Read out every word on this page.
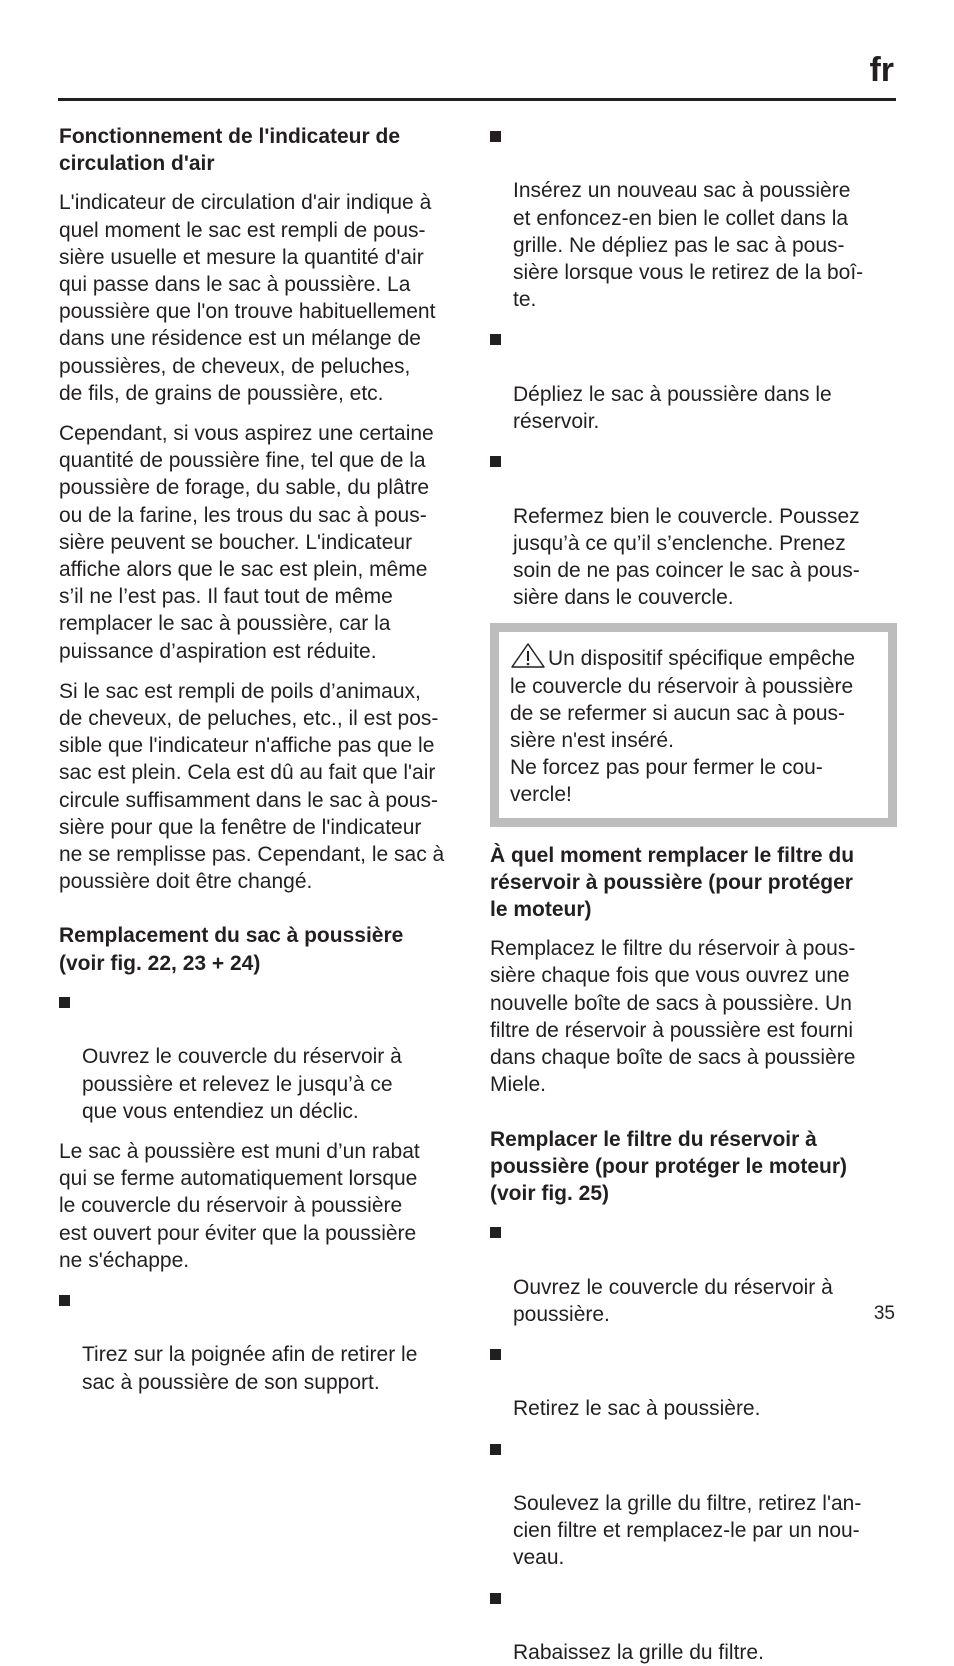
fr
Fonctionnement de l'indicateur de
circulation d'air

L'indicateur de circulation d'air indique à
quel moment le sac est rempli de pous-
sière usuelle et mesure la quantité d'air
qui passe dans le sac à poussière. La
poussière que l'on trouve habituellement
dans une résidence est un mélange de
poussières, de cheveux, de peluches,
de fils, de grains de poussière, etc.

Cependant, si vous aspirez une certaine
quantité de poussière fine, tel que de la
poussière de forage, du sable, du plâtre
ou de la farine, les trous du sac à pous-
sière peuvent se boucher. L'indicateur
affiche alors que le sac est plein, même
s’il ne l’est pas. Il faut tout de même
remplacer le sac à poussière, car la
puissance d’aspiration est réduite.

Si le sac est rempli de poils d’animaux,
de cheveux, de peluches, etc., il est pos-
sible que l'indicateur n'affiche pas que le
sac est plein. Cela est dû au fait que l'air
circule suffisamment dans le sac à pous-
sière pour que la fenêtre de l'indicateur
ne se remplisse pas. Cependant, le sac à
poussière doit être changé.

Remplacement du sac à poussière
(voir fig. 22, 23 + 24)

Ouvrez le couvercle du réservoir à
poussière et relevez le jusqu’à ce
que vous entendiez un déclic.

Le sac à poussière est muni d’un rabat
qui se ferme automatiquement lorsque
le couvercle du réservoir à poussière
est ouvert pour éviter que la poussière
ne s'échappe.

Tirez sur la poignée afin de retirer le
sac à poussière de son support.

Insérez un nouveau sac à poussière
et enfoncez-en bien le collet dans la
grille. Ne dépliez pas le sac à pous-
sière lorsque vous le retirez de la boî-
te.

Dépliez le sac à poussière dans le
réservoir.

Refermez bien le couvercle. Poussez
jusqu’à ce qu’il s’enclenche. Prenez
soin de ne pas coincer le sac à pous-
sière dans le couvercle.

Un dispositif spécifique empêche
le couvercle du réservoir à poussière
de se refermer si aucun sac à pous-
sière n'est inséré.
Ne forcez pas pour fermer le cou-
vercle!
À quel moment remplacer le filtre du
réservoir à poussière (pour protéger
le moteur)

Remplacez le filtre du réservoir à pous-
sière chaque fois que vous ouvrez une
nouvelle boîte de sacs à poussière. Un
filtre de réservoir à poussière est fourni
dans chaque boîte de sacs à poussière
Miele.

Remplacer le filtre du réservoir à
poussière (pour protéger le moteur)
(voir fig. 25)

Ouvrez le couvercle du réservoir à
poussière.

Retirez le sac à poussière.

Soulevez la grille du filtre, retirez l'an-
cien filtre et remplacez-le par un nou-
veau.

Rabaissez la grille du filtre.

35
